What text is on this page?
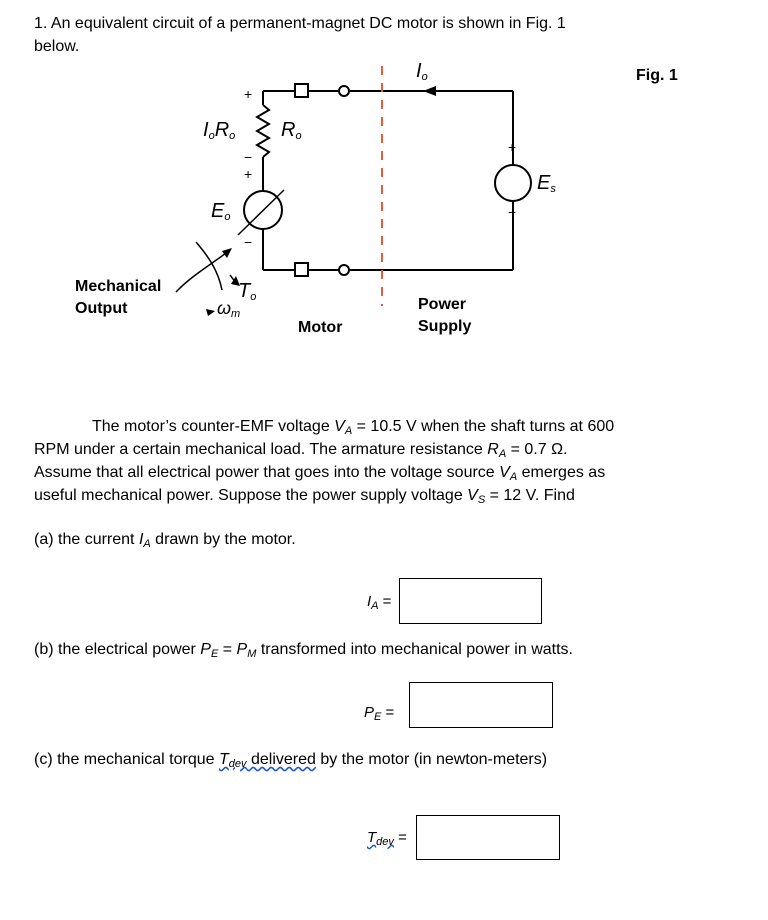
1. An equivalent circuit of a permanent-magnet DC motor is shown in Fig. 1
below.
Fig. 1
$I_o$
$I_oR_o$ $R_o$
+
−
+
−
$E_o$
+
−
$E_s$
$T_o$
$\omega_m$
Mechanical
Output
Motor
Power
Supply
The motor’s counter-EMF voltage $V_A = 10.5$ V when the shaft turns at 600
RPM under a certain mechanical load. The armature resistance $R_A = 0.7$ Ω.
Assume that all electrical power that goes into the voltage source $V_A$ emerges as
useful mechanical power. Suppose the power supply voltage $V_S = 12$ V. Find
(a) the current $I_A$ drawn by the motor.
$I_A$ =
(b) the electrical power $P_E = P_M$ transformed into mechanical power in watts.
$P_E$ =
(c) the mechanical torque $T_{dev}$ delivered by the motor (in newton-meters)
$T_{dev}$ =
